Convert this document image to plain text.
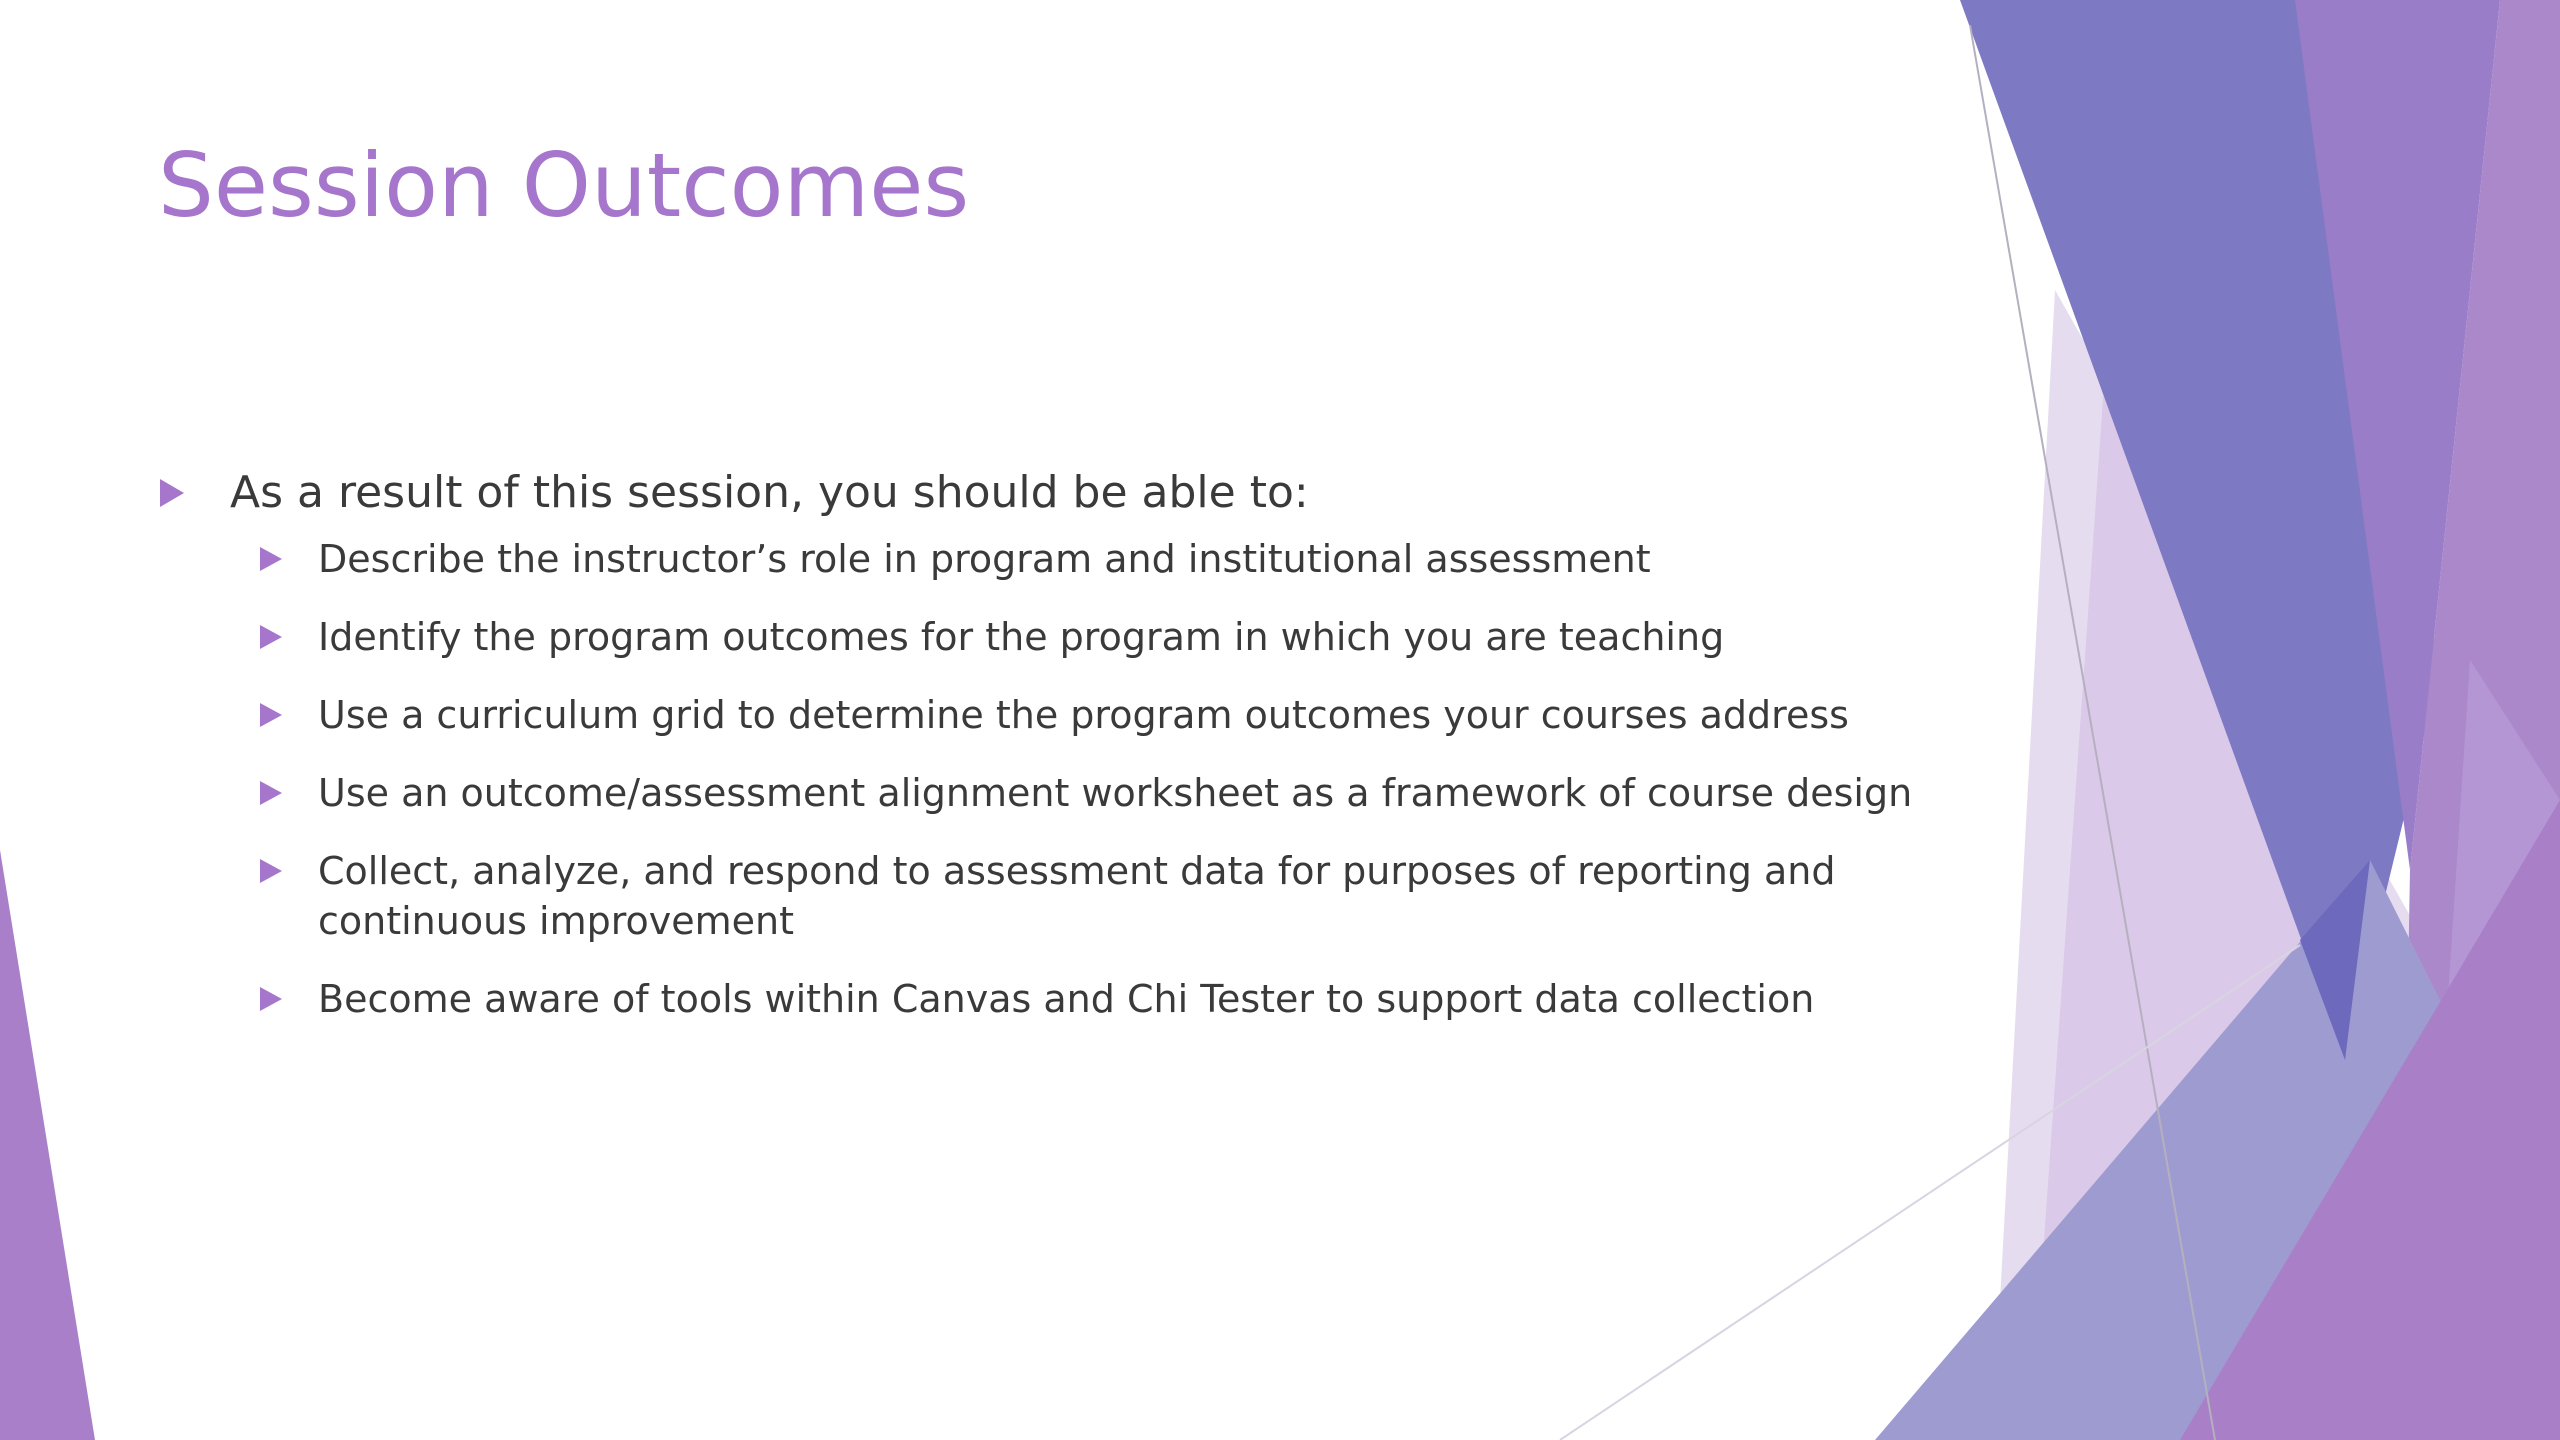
Session Outcomes
As a result of this session, you should be able to:
Describe the instructor’s role in program and institutional assessment
Identify the program outcomes for the program in which you are teaching
Use a curriculum grid to determine the program outcomes your courses address
Use an outcome/assessment alignment worksheet as a framework of course design
Collect, analyze, and respond to assessment data for purposes of reporting and continuous improvement
Become aware of tools within Canvas and Chi Tester to support data collection
